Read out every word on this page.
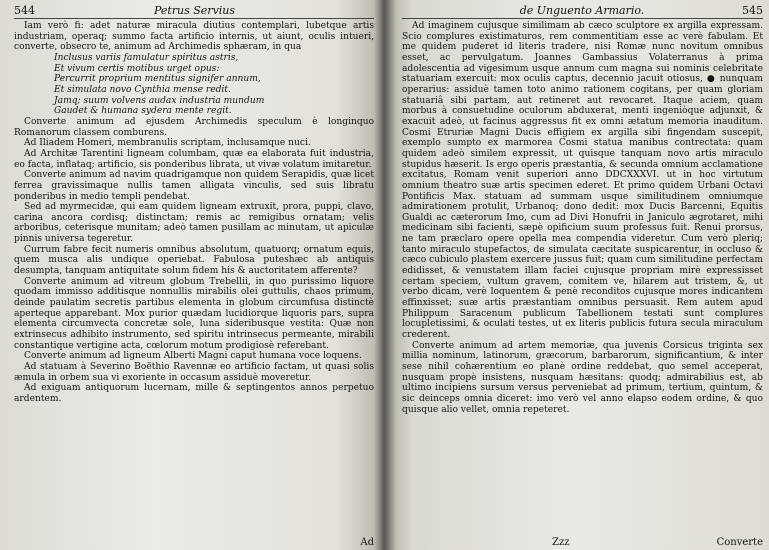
544	Petrus Servius

Iam verò fi: adet naturæ miracula diutius contemplari, lubetque artis industriam, operaq; summo facta artificio internis, ut aiunt, oculis intueri, converte, obsecro te, animum ad Archimedis sphæram, in qua

Inclusus variis famulatur spiritus astris,
Et vivum certis motibus urget opus:
Percurrit proprium mentitus signifer annum,
Et simulata novo Cynthia mense redit.
Jamq; suum volvens audax industria mundum
Gaudet & humana sydera mente regit.

Converte animum ad ejusdem Archimedis speculum è longinquo Romanorum classem comburens.

Ad Iliadem Homeri, membranulis scriptam, inclusamque nuci.

Ad Architæ Tarentini ligneam columbam, quæ ea elaborata fuit industria, eo facta, inflataq; artificio, sis ponderibus librata, ut vivæ volatum imitaretur.

Converte animum ad navim quadrigamque non quidem Serapidis, quæ licet ferrea gravissimaque nullis tamen alligata vinculis, sed suis libratu ponderibus in medio templi pendebat.

Sed ad myrmecidæ, qui eam quidem ligneam extruxit, prora, puppi, clavo, carina ancora cordisq; distinctam; remis ac remigibus ornatam; velis arboribus, ceterisque munitam; adeò tamen pusillam ac minutam, ut apiculæ pinnis universa tegeretur.

Currum fabre fecit numeris omnibus absolutum, quatuorq; ornatum equis, quem musca alis undique operiebat. Fabulosa puteshæc ab antiquis desumpta, tanquam antiquitate solum fidem his & auctoritatem afferente?

Converte animum ad vitreum globum Trebellii, in quo purissimo liquore quodam immisso additisque nonnullis mirabilis olei guttulis, chaos primum, deinde paulatim secretis partibus elementa in globum circumfusa distinctè aperteque apparebant. Mox purior quædam lucidiorque liquoris pars, supra elementa circumvecta concretæ sole, luna sideribusque vestita: Quæ non extrinsecus adhibito instrumento, sed spiritu intrinsecus permeante, mirabili constantique vertigine acta, cœlorum motum prodigiosè referebant.

Converte animum ad ligneum Alberti Magni caput humana voce loquens.

Ad statuam à Severino Boëthio Ravennæ eo artificio factam, ut quasi solis æmula in orbem sua vi exoriente in occasum assiduè moveretur.

Ad exiguam antiquorum lucernam, mille & septingentos annos perpetuo ardentem.

Ad
de Unguento Armario.	545

Ad imaginem cujusque similimam ab cæco sculptore ex argilla expressam. Scio complures existimaturos, rem commentitiam esse ac verè fabulam. Et me quidem puderet id literis tradere, nisi Romæ nunc novitum omnibus esset, ac pervulgatum. Joannes Gambassius Volaterranus à prima adolescentia ad vigesimum usque annum cum magna sui nominis celebritate statuariam exercuit: mox oculis captus, decennio jacuit otiosus, ● nunquam operarius: assiduè tamen toto animo rationem cogitans, per quam gloriam statuariâ sibi partam, aut retineret aut revocaret. Itaque aciem, quam morbus à consuetudine oculorum abduxerat, menti ingeniòque adjunxit, & exacuit adeò, ut facinus aggressus fit ex omni ætatum memoria inauditum. Cosmi Etruriæ Magni Ducis effigiem ex argilla sibi fingendam suscepit, exemplo sumpto ex marmorea Cosmi statua manibus contrectata: quam quidem adeò similem expressit, ut quisque tanquam novo artis miraculo stupidus hæserit. Is ergo operis præstantia, & secunda omnium acclamatione excitatus, Romam venit superiori anno DDCXXXVI. ut in hoc virtutum omnium theatro suæ artis specimen ederet. Et primo quidem Urbani Octavi Pontificis Max. statuam ad summam usque similitudinem omniumque admirationem protulit, Urbanoq; dono dedit: mox Ducis Barcenni, Equitis Gualdi ac cæterorum Imo, cum ad Divi Honufrii in Janiculo ægrotaret, mihi medicinam sibi facienti, sæpè opificium suum professus fuit. Renui prorsus, ne tam præclaro opere opella mea compendia videretur. Cum verò pleriq; tanto miraculo stupefactos, de simulata cæcitate suspicarentur, in occluso & cæco cubiculo plastem exercere jussus fuit; quam cum similitudine perfectam edidisset, & venustatem illam faciei cujusque propriam mirè expressisset certam speciem, vultum gravem, comitem ve, hilarem aut tristem, &, ut verbo dicam, verè loquentem & penè reconditos cujusque mores indicantem effinxisset; suæ artis præstantiam omnibus persuasit. Rem autem apud Philippum Saracenum publicum Tabellionem testati sunt complures locupletissimi, & oculati testes, ut ex literis publicis futura secula miraculum crederent.

Converte animum ad artem memoriæ, qua juvenis Corsicus triginta sex millia nominum, latinorum, græcorum, barbarorum, significantium, & inter sese nihil cohærentium eo planè ordine reddebat, quo semel acceperat, nusquam propè insistens, nusquam hæsitans: quodq; admirabilius est, ab ultimo incipiens sursum versus perveniebat ad primum, tertium, quintum, & sic deinceps omnia diceret: imo verò vel anno elapso eodem ordine, & quo quisque alio vellet, omnia repeteret.

Zzz	Converte
